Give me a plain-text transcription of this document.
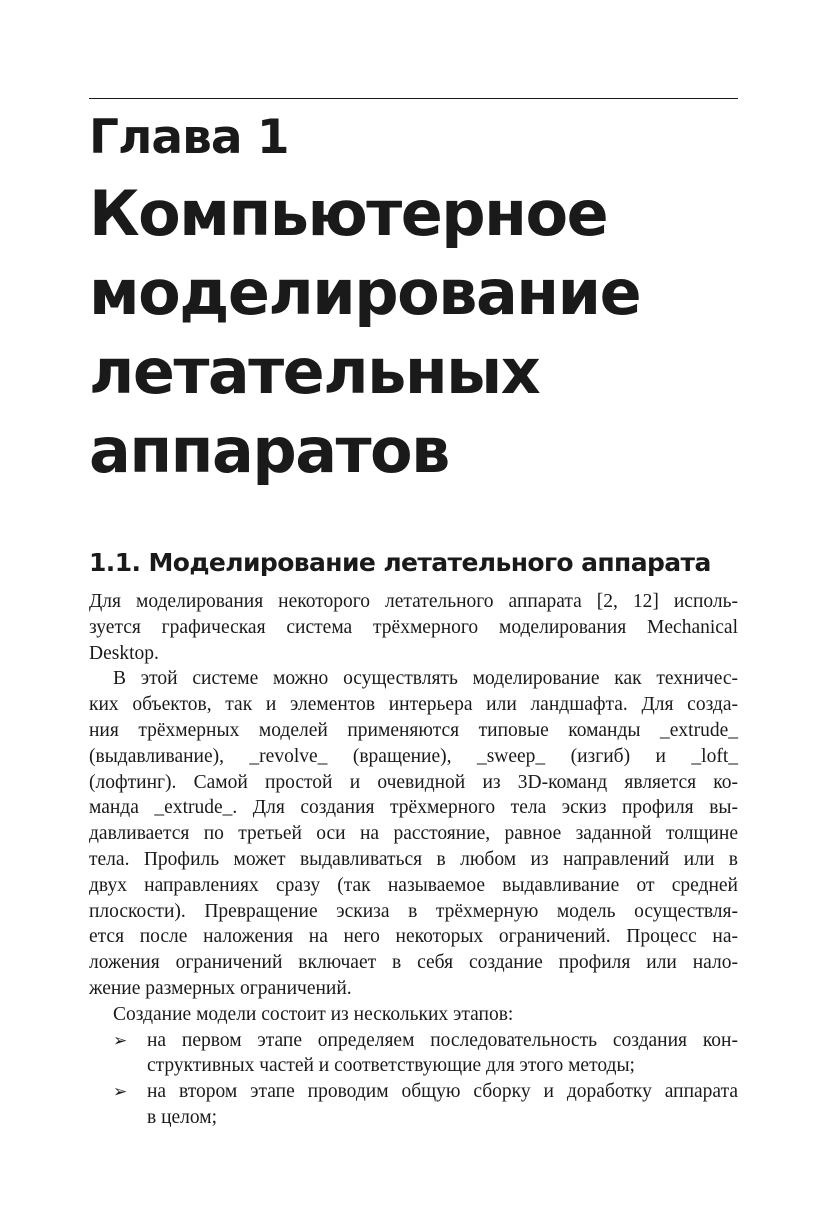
Глава 1
Компьютерное
моделирование
летательных
аппаратов
1.1. Моделирование летательного аппарата
Для моделирования некоторого летательного аппарата [2, 12] исполь-
зуется графическая система трёхмерного моделирования Mechanical
Desktop.
В этой системе можно осуществлять моделирование как техничес-
ких объектов, так и элементов интерьера или ландшафта. Для созда-
ния трёхмерных моделей применяются типовые команды _extrude_
(выдавливание), _revolve_ (вращение), _sweep_ (изгиб) и _loft_
(лофтинг). Самой простой и очевидной из 3D-команд является ко-
манда _extrude_. Для создания трёхмерного тела эскиз профиля вы-
давливается по третьей оси на расстояние, равное заданной толщине
тела. Профиль может выдавливаться в любом из направлений или в
двух направлениях сразу (так называемое выдавливание от средней
плоскости). Превращение эскиза в трёхмерную модель осуществля-
ется после наложения на него некоторых ограничений. Процесс на-
ложения ограничений включает в себя создание профиля или нало-
жение размерных ограничений.
Создание модели состоит из нескольких этапов:
➢ на первом этапе определяем последовательность создания кон-
структивных частей и соответствующие для этого методы;
➢ на втором этапе проводим общую сборку и доработку аппарата
в целом;
